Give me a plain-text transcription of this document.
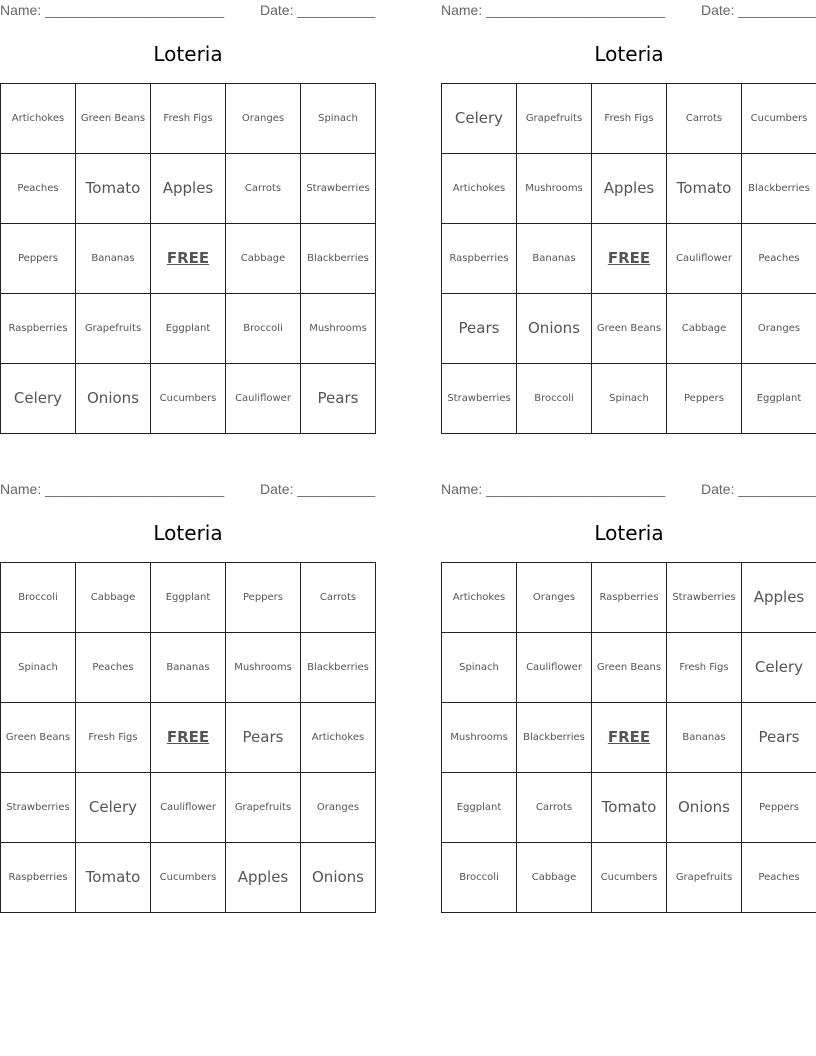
Name: _______________________	Date: __________
Loteria
Artichokes	Green Beans	Fresh Figs	Oranges	Spinach
Peaches	Tomato	Apples	Carrots	Strawberries
Peppers	Bananas	FREE	Cabbage	Blackberries
Raspberries	Grapefruits	Eggplant	Broccoli	Mushrooms
Celery	Onions	Cucumbers	Cauliflower	Pears
Name: _______________________	Date: __________
Loteria
Celery	Grapefruits	Fresh Figs	Carrots	Cucumbers
Artichokes	Mushrooms	Apples	Tomato	Blackberries
Raspberries	Bananas	FREE	Cauliflower	Peaches
Pears	Onions	Green Beans	Cabbage	Oranges
Strawberries	Broccoli	Spinach	Peppers	Eggplant
Name: _______________________	Date: __________
Loteria
Broccoli	Cabbage	Eggplant	Peppers	Carrots
Spinach	Peaches	Bananas	Mushrooms	Blackberries
Green Beans	Fresh Figs	FREE	Pears	Artichokes
Strawberries	Celery	Cauliflower	Grapefruits	Oranges
Raspberries	Tomato	Cucumbers	Apples	Onions
Name: _______________________	Date: __________
Loteria
Artichokes	Oranges	Raspberries	Strawberries	Apples
Spinach	Cauliflower	Green Beans	Fresh Figs	Celery
Mushrooms	Blackberries	FREE	Bananas	Pears
Eggplant	Carrots	Tomato	Onions	Peppers
Broccoli	Cabbage	Cucumbers	Grapefruits	Peaches
